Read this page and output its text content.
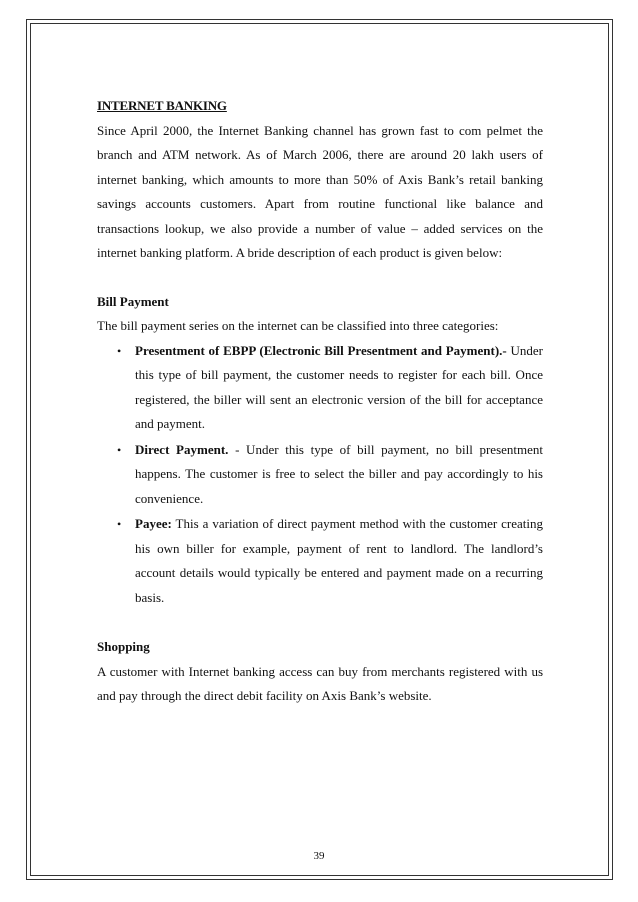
INTERNET BANKING

Since April 2000, the Internet Banking channel has grown fast to com pelmet the branch and ATM network. As of March 2006, there are around 20 lakh users of internet banking, which amounts to more than 50% of Axis Bank’s retail banking savings accounts customers. Apart from routine functional like balance and transactions lookup, we also provide a number of value – added services on the internet banking platform. A bride description of each product is given below:

Bill Payment

The bill payment series on the internet can be classified into three categories:

• Presentment of EBPP (Electronic Bill Presentment and Payment).- Under this type of bill payment, the customer needs to register for each bill. Once registered, the biller will sent an electronic version of the bill for acceptance and payment.
• Direct Payment. - Under this type of bill payment, no bill presentment happens. The customer is free to select the biller and pay accordingly to his convenience.
• Payee: This a variation of direct payment method with the customer creating his own biller for example, payment of rent to landlord. The landlord’s account details would typically be entered and payment made on a recurring basis.
Shopping

A customer with Internet banking access can buy from merchants registered with us and pay through the direct debit facility on Axis Bank’s website.

39
